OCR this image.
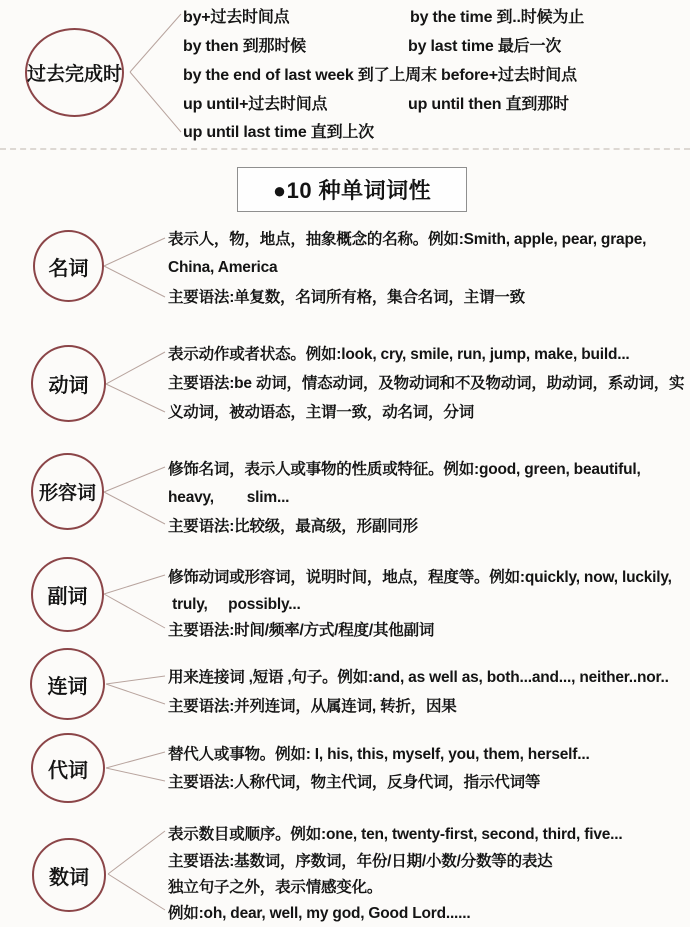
过去完成时
by+过去时间点	by the time 到..时候为止
by then 到那时候	by last time 最后一次
by the end of last week 到了上周末 before+过去时间点
up until+过去时间点	up until then 直到那时
up until last time 直到上次
●10 种单词词性
名词
表示人，物，地点，抽象概念的名称。例如:Smith, apple, pear, grape,
China, America
主要语法:单复数，名词所有格，集合名词，主谓一致
动词
表示动作或者状态。例如:look, cry, smile, run, jump, make, build...
主要语法:be 动词，情态动词，及物动词和不及物动词，助动词，系动词，实
义动词，被动语态，主谓一致，动名词，分词
形容词
修饰名词，表示人或事物的性质或特征。例如:good, green, beautiful,
heavy,        slim...
主要语法:比较级，最高级，形副同形
副词
修饰动词或形容词，说明时间，地点，程度等。例如:quickly, now, luckily,
truly,     possibly...
主要语法:时间/频率/方式/程度/其他副词
连词	用来连接词 ,短语 ,句子。例如:and, as well as, both...and..., neither..nor..
主要语法:并列连词，从属连词, 转折，因果
代词
替代人或事物。例如: I, his, this, myself, you, them, herself...
主要语法:人称代词，物主代词，反身代词，指示代词等
数词
表示数目或顺序。例如:one, ten, twenty-first, second, third, five...
主要语法:基数词，序数词，年份/日期/小数/分数等的表达
独立句子之外，表示情感变化。
例如:oh, dear, well, my god, Good Lord......
